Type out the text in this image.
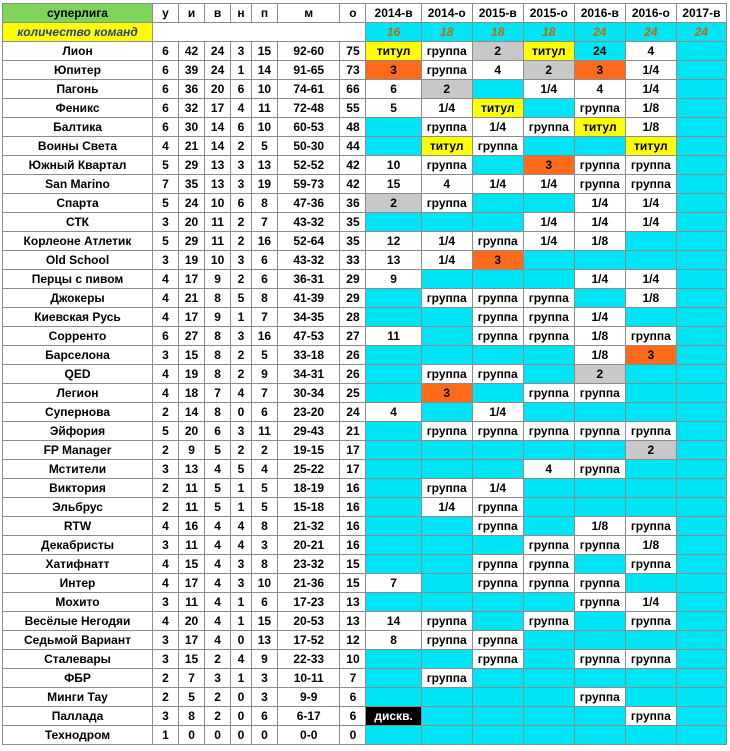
суперлига	у	и	в	н	п	м	о	2014-в	2014-о	2015-в	2015-о	2016-в	2016-о	2017-в
количество команд								16	18	18	18	24	24	24
Лион	6	42	24	3	15	92-60	75	титул	группа	2	титул	24	4	
Юпитер	6	39	24	1	14	91-65	73	3	группа	4	2	3	1/4	
Пагонь	6	36	20	6	10	74-61	66	6	2		1/4	4	1/4	
Феникс	6	32	17	4	11	72-48	55	5	1/4	титул		группа	1/8	
Балтика	6	30	14	6	10	60-53	48		группа	1/4	группа	титул	1/8	
Воины Света	4	21	14	2	5	50-30	44		титул	группа			титул	
Южный Квартал	5	29	13	3	13	52-52	42	10	группа		3	группа	группа	
San Marino	7	35	13	3	19	59-73	42	15	4	1/4	1/4	группа	группа	
Спарта	5	24	10	6	8	47-36	36	2	группа			1/4	1/4	
СТК	3	20	11	2	7	43-32	35				1/4	1/4	1/4	
Корлеоне Атлетик	5	29	11	2	16	52-64	35	12	1/4	группа	1/4	1/8		
Old School	3	19	10	3	6	43-32	33	13	1/4	3				
Перцы с пивом	4	17	9	2	6	36-31	29	9				1/4	1/4	
Джокеры	4	21	8	5	8	41-39	29		группа	группа	группа		1/8	
Киевская Русь	4	17	9	1	7	34-35	28			группа	группа	1/4		
Сорренто	6	27	8	3	16	47-53	27	11		группа	группа	1/8	группа	
Барселона	3	15	8	2	5	33-18	26					1/8	3	
QED	4	19	8	2	9	34-31	26		группа	группа		2		
Легион	4	18	7	4	7	30-34	25		3		группа	группа		
Супернова	2	14	8	0	6	23-20	24	4		1/4				
Эйфория	5	20	6	3	11	29-43	21		группа	группа	группа	группа	группа	
FP Manager	2	9	5	2	2	19-15	17						2	
Мстители	3	13	4	5	4	25-22	17				4	группа		
Виктория	2	11	5	1	5	18-19	16		группа	1/4				
Эльбрус	2	11	5	1	5	15-18	16		1/4	группа				
RTW	4	16	4	4	8	21-32	16			группа		1/8	группа	
Декабристы	3	11	4	4	3	20-21	16				группа	группа	1/8	
Хатифнатт	4	15	4	3	8	23-32	15			группа	группа		группа	
Интер	4	17	4	3	10	21-36	15	7		группа	группа	группа		
Мохито	3	11	4	1	6	17-23	13					группа	1/4	
Весёлые Негодяи	4	20	4	1	15	20-53	13	14	группа		группа		группа	
Седьмой Вариант	3	17	4	0	13	17-52	12	8	группа	группа				
Сталевары	3	15	2	4	9	22-33	10			группа		группа	группа	
ФБР	2	7	3	1	3	10-11	7		группа					
Минги Тау	2	5	2	0	3	9-9	6					группа		
Паллада	3	8	2	0	6	6-17	6	дискв.					группа	
Технодром	1	0	0	0	0	0-0	0							
